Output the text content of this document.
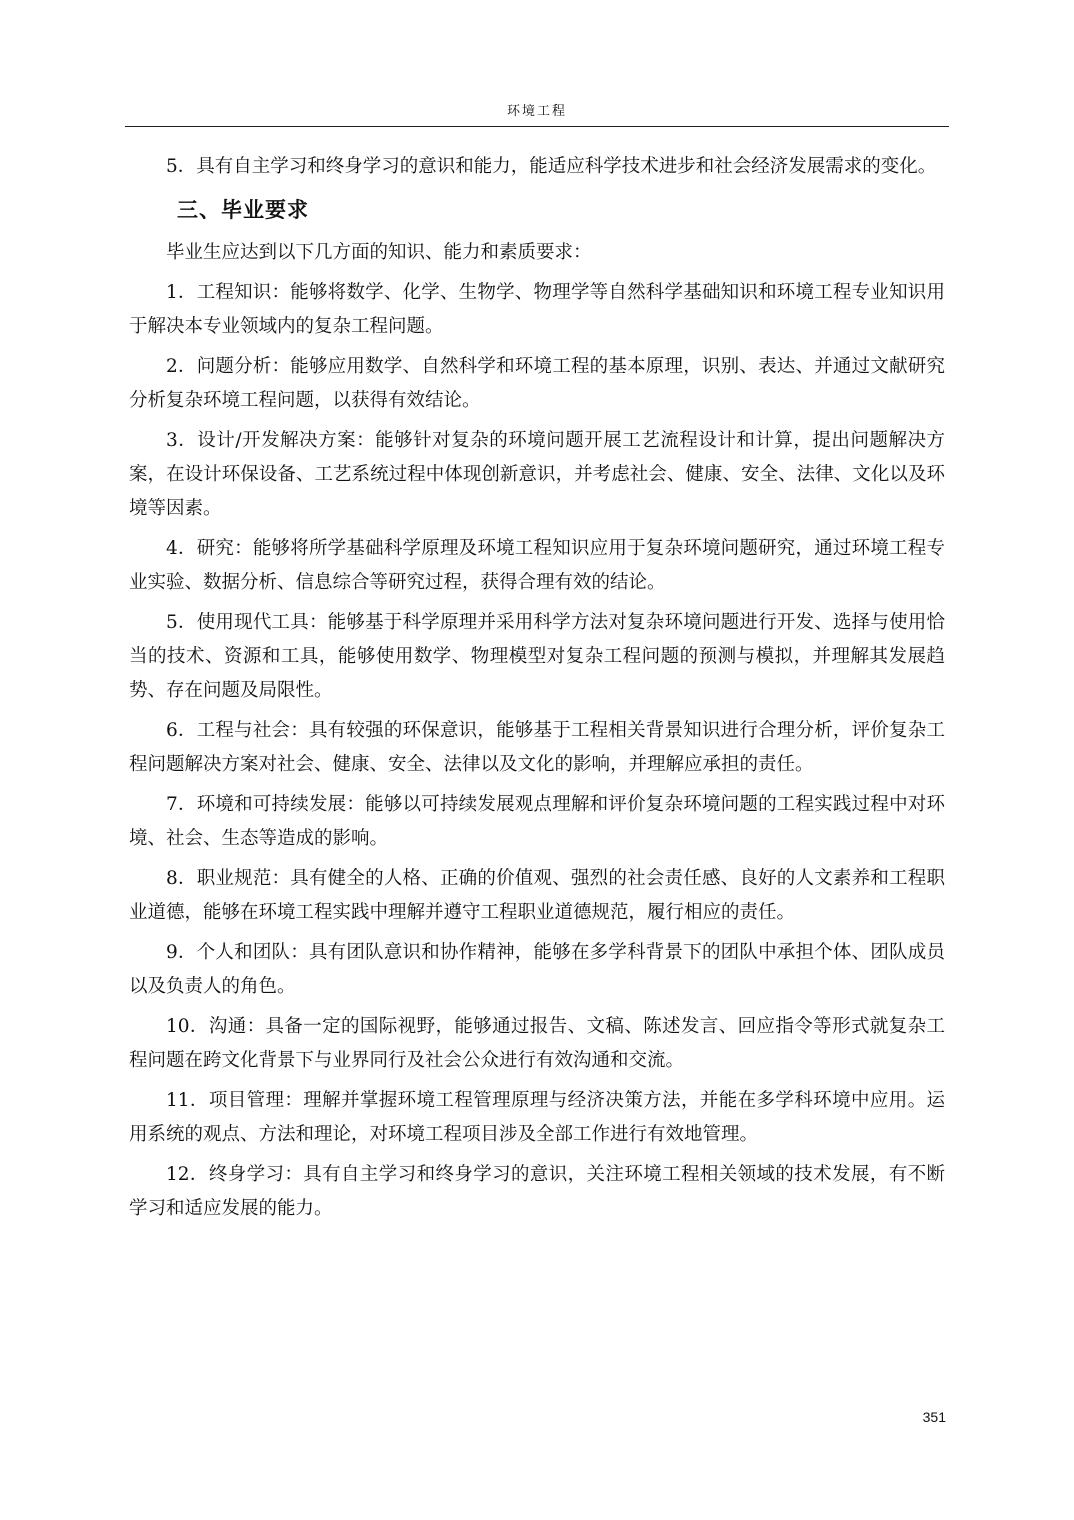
环境工程

5．具有自主学习和终身学习的意识和能力，能适应科学技术进步和社会经济发展需求的变化。

三、毕业要求

毕业生应达到以下几方面的知识、能力和素质要求：

1．工程知识：能够将数学、化学、生物学、物理学等自然科学基础知识和环境工程专业知识用于解决本专业领域内的复杂工程问题。

2．问题分析：能够应用数学、自然科学和环境工程的基本原理，识别、表达、并通过文献研究分析复杂环境工程问题，以获得有效结论。

3．设计/开发解决方案：能够针对复杂的环境问题开展工艺流程设计和计算，提出问题解决方案，在设计环保设备、工艺系统过程中体现创新意识，并考虑社会、健康、安全、法律、文化以及环境等因素。

4．研究：能够将所学基础科学原理及环境工程知识应用于复杂环境问题研究，通过环境工程专业实验、数据分析、信息综合等研究过程，获得合理有效的结论。

5．使用现代工具：能够基于科学原理并采用科学方法对复杂环境问题进行开发、选择与使用恰当的技术、资源和工具，能够使用数学、物理模型对复杂工程问题的预测与模拟，并理解其发展趋势、存在问题及局限性。

6．工程与社会：具有较强的环保意识，能够基于工程相关背景知识进行合理分析，评价复杂工程问题解决方案对社会、健康、安全、法律以及文化的影响，并理解应承担的责任。

7．环境和可持续发展：能够以可持续发展观点理解和评价复杂环境问题的工程实践过程中对环境、社会、生态等造成的影响。

8．职业规范：具有健全的人格、正确的价值观、强烈的社会责任感、良好的人文素养和工程职业道德，能够在环境工程实践中理解并遵守工程职业道德规范，履行相应的责任。

9．个人和团队：具有团队意识和协作精神，能够在多学科背景下的团队中承担个体、团队成员以及负责人的角色。

10．沟通：具备一定的国际视野，能够通过报告、文稿、陈述发言、回应指令等形式就复杂工程问题在跨文化背景下与业界同行及社会公众进行有效沟通和交流。

11．项目管理：理解并掌握环境工程管理原理与经济决策方法，并能在多学科环境中应用。运用系统的观点、方法和理论，对环境工程项目涉及全部工作进行有效地管理。

12．终身学习：具有自主学习和终身学习的意识，关注环境工程相关领域的技术发展，有不断学习和适应发展的能力。

351
